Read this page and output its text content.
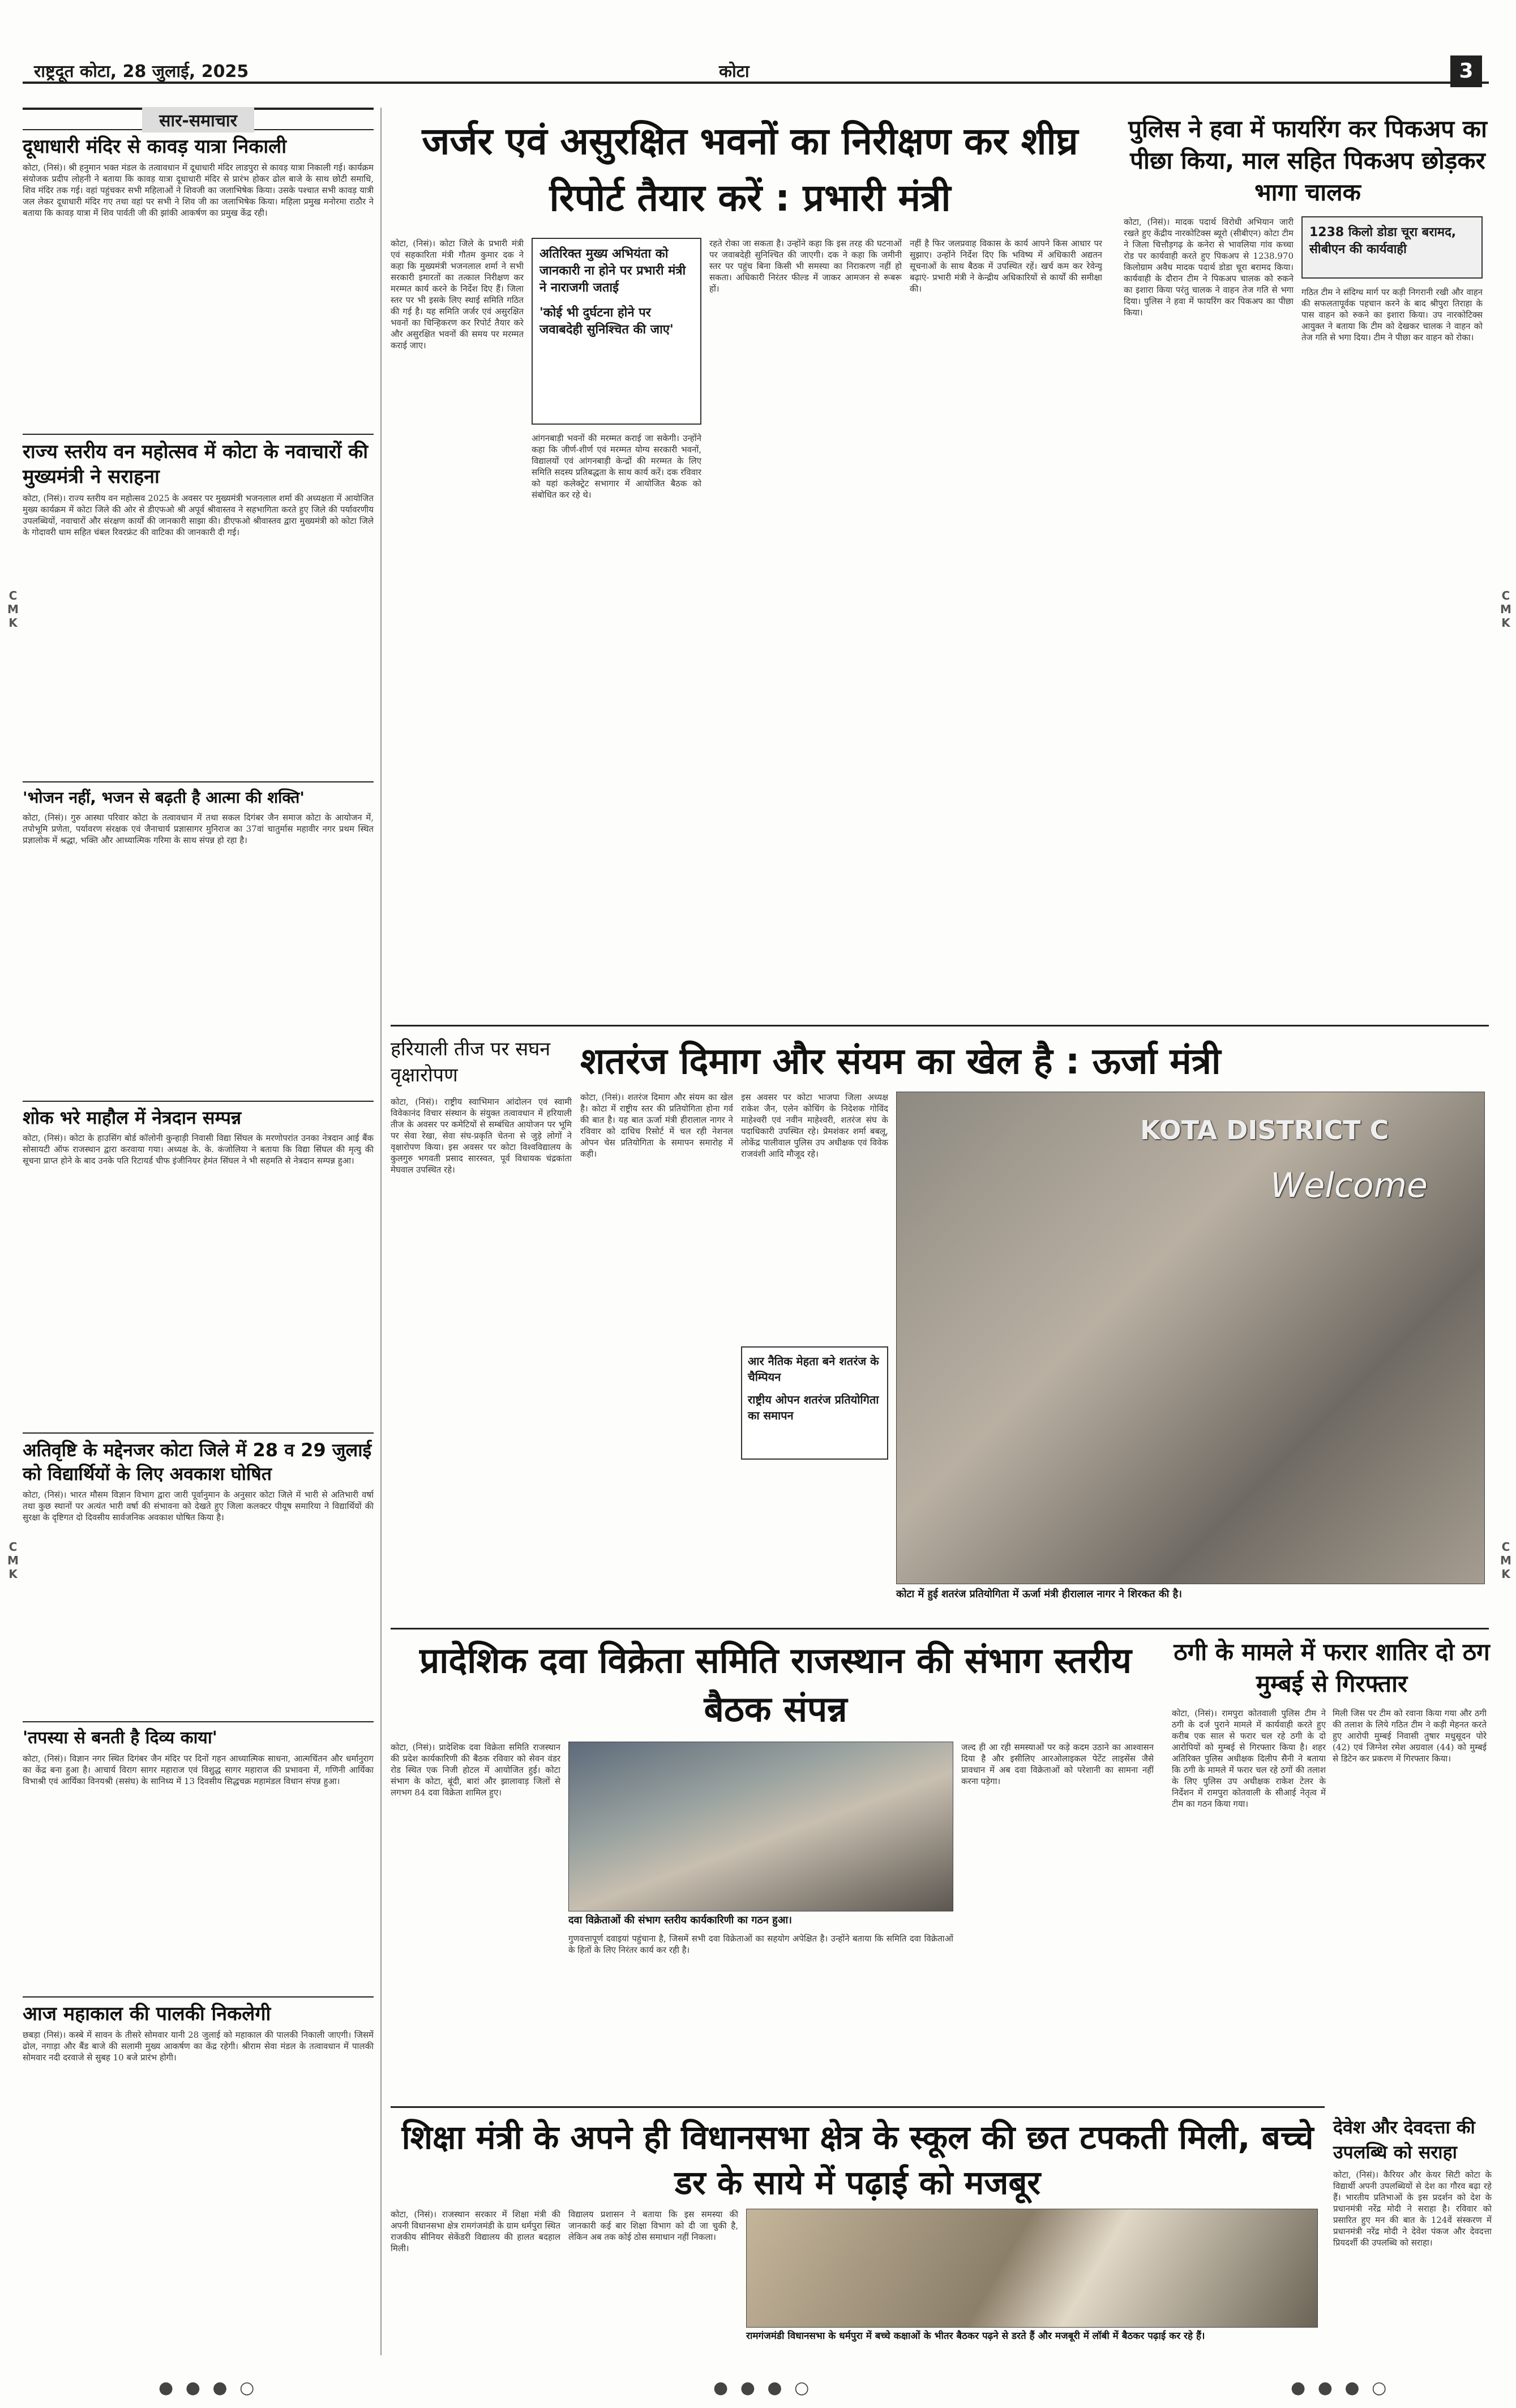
राष्ट्रदूत कोटा, 28 जुलाई, 2025	कोटा	3
C
M
K
C
M
K
C
M
K
C
M
K
सार-समाचार
दूधाधारी मंदिर से कावड़ यात्रा निकाली
कोटा, (निसं)। श्री हनुमान भक्त मंडल के तत्वावधान में दूधाधारी मंदिर लाडपुरा से कावड़ यात्रा निकाली गई। कार्यक्रम संयोजक प्रदीप लोहनी ने बताया कि कावड़ यात्रा दूधाधारी मंदिर से प्रारंभ होकर ढोल बाजे के साथ छोटी समाधि, शिव मंदिर तक गई। वहां पहुंचकर सभी महिलाओं ने शिवजी का जलाभिषेक किया। उसके पश्चात सभी कावड़ यात्री जल लेकर दूधाधारी मंदिर गए तथा वहां पर सभी ने शिव जी का जलाभिषेक किया। महिला प्रमुख मनोरमा राठौर ने बताया कि कावड़ यात्रा में शिव पार्वती जी की झांकी आकर्षण का प्रमुख केंद्र रही।
राज्य स्तरीय वन महोत्सव में कोटा के नवाचारों की मुख्यमंत्री ने सराहना
कोटा, (निसं)। राज्य स्तरीय वन महोत्सव 2025 के अवसर पर मुख्यमंत्री भजनलाल शर्मा की अध्यक्षता में आयोजित मुख्य कार्यक्रम में कोटा जिले की ओर से डीएफओ श्री अपूर्व श्रीवास्तव ने सहभागिता करते हुए जिले की पर्यावरणीय उपलब्धियों, नवाचारों और संरक्षण कार्यों की जानकारी साझा की। डीएफओ श्रीवास्तव द्वारा मुख्यमंत्री को कोटा जिले के गोदावरी धाम सहित चंबल रिवरफ्रंट की वाटिका की जानकारी दी गई।
'भोजन नहीं, भजन से बढ़ती है आत्मा की शक्ति'
कोटा, (निसं)। गुरु आस्था परिवार कोटा के तत्वावधान में तथा सकल दिगंबर जैन समाज कोटा के आयोजन में, तपोभूमि प्रणेता, पर्यावरण संरक्षक एवं जैनाचार्य प्रज्ञासागर मुनिराज का 37वां चातुर्मास महावीर नगर प्रथम स्थित प्रज्ञालोक में श्रद्धा, भक्ति और आध्यात्मिक गरिमा के साथ संपन्न हो रहा है।
शोक भरे माहौल में नेत्रदान सम्पन्न
कोटा, (निसं)। कोटा के हाउसिंग बोर्ड कॉलोनी कुन्हाड़ी निवासी विद्या सिंघल के मरणोपरांत उनका नेत्रदान आई बैंक सोसायटी ऑफ राजस्थान द्वारा करवाया गया। अध्यक्ष के. के. कंजोलिया ने बताया कि विद्या सिंघल की मृत्यु की सूचना प्राप्त होने के बाद उनके पति रिटायर्ड चीफ इंजीनियर हेमंत सिंघल ने भी सहमति से नेत्रदान सम्पन्न हुआ।
अतिवृष्टि के मद्देनजर कोटा जिले में 28 व 29 जुलाई को विद्यार्थियों के लिए अवकाश घोषित
कोटा, (निसं)। भारत मौसम विज्ञान विभाग द्वारा जारी पूर्वानुमान के अनुसार कोटा जिले में भारी से अतिभारी वर्षा तथा कुछ स्थानों पर अत्यंत भारी वर्षा की संभावना को देखते हुए जिला कलक्टर पीयूष समारिया ने विद्यार्थियों की सुरक्षा के दृष्टिगत दो दिवसीय सार्वजनिक अवकाश घोषित किया है।
'तपस्या से बनती है दिव्य काया'
कोटा, (निसं)। विज्ञान नगर स्थित दिगंबर जैन मंदिर पर दिनों गहन आध्यात्मिक साधना, आत्मचिंतन और धर्मानुराग का केंद्र बना हुआ है। आचार्य विराग सागर महाराज एवं विशुद्ध सागर महाराज की प्रभावना में, गणिनी आर्यिका विभाश्री एवं आर्यिका विनयश्री (ससंघ) के सानिध्य में 13 दिवसीय सिद्धचक्र महामंडल विधान संपन्न हुआ।
आज महाकाल की पालकी निकलेगी
छबड़ा (निसं)। कस्बे में सावन के तीसरे सोमवार यानी 28 जुलाई को महाकाल की पालकी निकाली जाएगी। जिसमें ढोल, नगाड़ा और बैंड बाजे की सलामी मुख्य आकर्षण का केंद्र रहेगी। श्रीराम सेवा मंडल के तत्वावधान में पालकी सोमवार नदी दरवाजे से सुबह 10 बजे प्रारंभ होगी।
जर्जर एवं असुरक्षित भवनों का निरीक्षण कर शीघ्र रिपोर्ट तैयार करें : प्रभारी मंत्री
कोटा, (निसं)। कोटा जिले के प्रभारी मंत्री एवं सहकारिता मंत्री गौतम कुमार दक ने कहा कि मुख्यमंत्री भजनलाल शर्मा ने सभी सरकारी इमारतों का तत्काल निरीक्षण कर मरम्मत कार्य करने के निर्देश दिए हैं। जिला स्तर पर भी इसके लिए स्थाई समिति गठित की गई है। यह समिति जर्जर एवं असुरक्षित भवनों का चिन्हिकरण कर रिपोर्ट तैयार करे और असुरक्षित भवनों की समय पर मरम्मत कराई जाए।
अतिरिक्त मुख्य अभियंता को जानकारी ना होने पर प्रभारी मंत्री ने नाराजगी जताई
'कोई भी दुर्घटना होने पर जवाबदेही सुनिश्चित की जाए'
आंगनबाड़ी भवनों की मरम्मत कराई जा सकेगी। उन्होंने कहा कि जीर्ण-शीर्ण एवं मरम्मत योग्य सरकारी भवनों, विद्यालयों एवं आंगनबाड़ी केन्द्रों की मरम्मत के लिए समिति सदस्य प्रतिबद्धता के साथ कार्य करें। दक रविवार को यहां कलेक्ट्रेट सभागार में आयोजित बैठक को संबोधित कर रहे थे।
रहते रोका जा सकता है। उन्होंने कहा कि इस तरह की घटनाओं पर जवाबदेही सुनिश्चित की जाएगी। दक ने कहा कि जमीनी स्तर पर पहुंच बिना किसी भी समस्या का निराकरण नहीं हो सकता। अधिकारी निरंतर फील्ड में जाकर आमजन से रूबरू हों।
नहीं है फिर जलप्रवाह विकास के कार्य आपने किस आधार पर सुझाए। उन्होंने निर्देश दिए कि भविष्य में अधिकारी अद्यतन सूचनाओं के साथ बैठक में उपस्थित रहें। खर्च कम कर रेवेन्यू बढ़ाएं- प्रभारी मंत्री ने केन्द्रीय अधिकारियों से कार्यों की समीक्षा की।
पुलिस ने हवा में फायरिंग कर पिकअप का पीछा किया, माल सहित पिकअप छोड़कर भागा चालक
कोटा, (निसं)। मादक पदार्थ विरोधी अभियान जारी रखते हुए केंद्रीय नारकोटिक्स ब्यूरो (सीबीएन) कोटा टीम ने जिला चित्तौड़गढ़ के कनेरा से भावलिया गांव कच्चा रोड पर कार्यवाही करते हुए पिकअप से 1238.970 किलोग्राम अवैध मादक पदार्थ डोडा चूरा बरामद किया। कार्यवाही के दौरान टीम ने पिकअप चालक को रुकने का इशारा किया परंतु चालक ने वाहन तेज गति से भगा दिया। पुलिस ने हवा में फायरिंग कर पिकअप का पीछा किया।
1238 किलो डोडा चूरा बरामद, सीबीएन की कार्यवाही
गठित टीम ने संदिग्ध मार्ग पर कड़ी निगरानी रखी और वाहन की सफलतापूर्वक पहचान करने के बाद श्रीपुरा तिराहा के पास वाहन को रुकने का इशारा किया। उप नारकोटिक्स आयुक्त ने बताया कि टीम को देखकर चालक ने वाहन को तेज गति से भगा दिया। टीम ने पीछा कर वाहन को रोका।
हरियाली तीज पर सघन वृक्षारोपण
कोटा, (निसं)। राष्ट्रीय स्वाभिमान आंदोलन एवं स्वामी विवेकानंद विचार संस्थान के संयुक्त तत्वावधान में हरियाली तीज के अवसर पर कमेटियों से सम्बंधित आयोजन पर भूमि पर सेवा रेखा, सेवा संघ-प्रकृति चेतना से जुड़े लोगों ने वृक्षारोपण किया। इस अवसर पर कोटा विश्वविद्यालय के कुलगुरु भगवती प्रसाद सारस्वत, पूर्व विधायक चंद्रकांता मेघवाल उपस्थित रहे।
शतरंज दिमाग और संयम का खेल है : ऊर्जा मंत्री
कोटा, (निसं)। शतरंज दिमाग और संयम का खेल है। कोटा में राष्ट्रीय स्तर की प्रतियोगिता होना गर्व की बात है। यह बात ऊर्जा मंत्री हीरालाल नागर ने रविवार को दाधिच रिसोर्ट में चल रही नेशनल ओपन चेस प्रतियोगिता के समापन समारोह में कही।
इस अवसर पर कोटा भाजपा जिला अध्यक्ष राकेश जैन, एलेन कोचिंग के निदेशक गोविंद माहेश्वरी एवं नवीन माहेश्वरी, शतरंज संघ के पदाधिकारी उपस्थित रहे। प्रेमशंकर शर्मा बबलू, लोकेंद्र पालीवाल पुलिस उप अधीक्षक एवं विवेक राजवंशी आदि मौजूद रहे।
आर नैतिक मेहता बने शतरंज के चैम्पियन
राष्ट्रीय ओपन शतरंज प्रतियोगिता का समापन
KOTA DISTRICT C
Welcome
कोटा में हुई शतरंज प्रतियोगिता में ऊर्जा मंत्री हीरालाल नागर ने शिरकत की है।
प्रादेशिक दवा विक्रेता समिति राजस्थान की संभाग स्तरीय बैठक संपन्न
कोटा, (निसं)। प्रादेशिक दवा विक्रेता समिति राजस्थान की प्रदेश कार्यकारिणी की बैठक रविवार को सेवन वंडर रोड स्थित एक निजी होटल में आयोजित हुई। कोटा संभाग के कोटा, बूंदी, बारां और झालावाड़ जिलों से लगभग 84 दवा विक्रेता शामिल हुए।
दवा विक्रेताओं की संभाग स्तरीय कार्यकारिणी का गठन हुआ।
गुणवत्तापूर्ण दवाइयां पहुंचाना है, जिसमें सभी दवा विक्रेताओं का सहयोग अपेक्षित है। उन्होंने बताया कि समिति दवा विक्रेताओं के हितों के लिए निरंतर कार्य कर रही है।
जल्द ही आ रही समस्याओं पर कड़े कदम उठाने का आश्वासन दिया है और इसीलिए आरओलाइकल पेटेंट लाइसेंस जैसे प्रावधान में अब दवा विक्रेताओं को परेशानी का सामना नहीं करना पड़ेगा।
ठगी के मामले में फरार शातिर दो ठग मुम्बई से गिरफ्तार
कोटा, (निसं)। रामपुरा कोतवाली पुलिस टीम ने ठगी के दर्ज पुराने मामले में कार्यवाही करते हुए करीब एक साल से फरार चल रहे ठगी के दो आरोपियों को मुम्बई से गिरफ्तार किया है। शहर अतिरिक्त पुलिस अधीक्षक दिलीप सैनी ने बताया कि ठगी के मामले में फरार चल रहे ठगों की तलाश के लिए पुलिस उप अधीक्षक राकेश टेलर के निर्देशन में रामपुरा कोतवाली के सीआई नेतृत्व में टीम का गठन किया गया।
मिली जिस पर टीम को रवाना किया गया और ठगी की तलाश के लिये गठित टीम ने कड़ी मेहनत करते हुए आरोपी मुम्बई निवासी तुषार मधुसूदन पोरे (42) एवं जिग्नेश रमेश अग्रवाल (44) को मुम्बई से डिटेन कर प्रकरण में गिरफ्तार किया।
शिक्षा मंत्री के अपने ही विधानसभा क्षेत्र के स्कूल की छत टपकती मिली, बच्चे डर के साये में पढ़ाई को मजबूर
कोटा, (निसं)। राजस्थान सरकार में शिक्षा मंत्री की अपनी विधानसभा क्षेत्र रामगंजमंडी के ग्राम धर्मपुरा स्थित राजकीय सीनियर सेकेंडरी विद्यालय की हालत बदहाल मिली।
विद्यालय प्रशासन ने बताया कि इस समस्या की जानकारी कई बार शिक्षा विभाग को दी जा चुकी है, लेकिन अब तक कोई ठोस समाधान नहीं निकला।
रामगंजमंडी विधानसभा के धर्मपुरा में बच्चे कक्षाओं के भीतर बैठकर पढ़ने से डरते हैं और मजबूरी में लॉबी में बैठकर पढ़ाई कर रहे हैं।
देवेश और देवदत्ता की उपलब्धि को सराहा
कोटा, (निसं)। कैरियर और केयर सिटी कोटा के विद्यार्थी अपनी उपलब्धियों से देश का गौरव बढ़ा रहे हैं। भारतीय प्रतिभाओं के इस प्रदर्शन को देश के प्रधानमंत्री नरेंद्र मोदी ने सराहा है। रविवार को प्रसारित हुए मन की बात के 124वें संस्करण में प्रधानमंत्री नरेंद्र मोदी ने देवेश पंकज और देवदत्ता प्रियदर्शी की उपलब्धि को सराहा।
● ● ● ○	● ● ● ○	● ● ● ○
